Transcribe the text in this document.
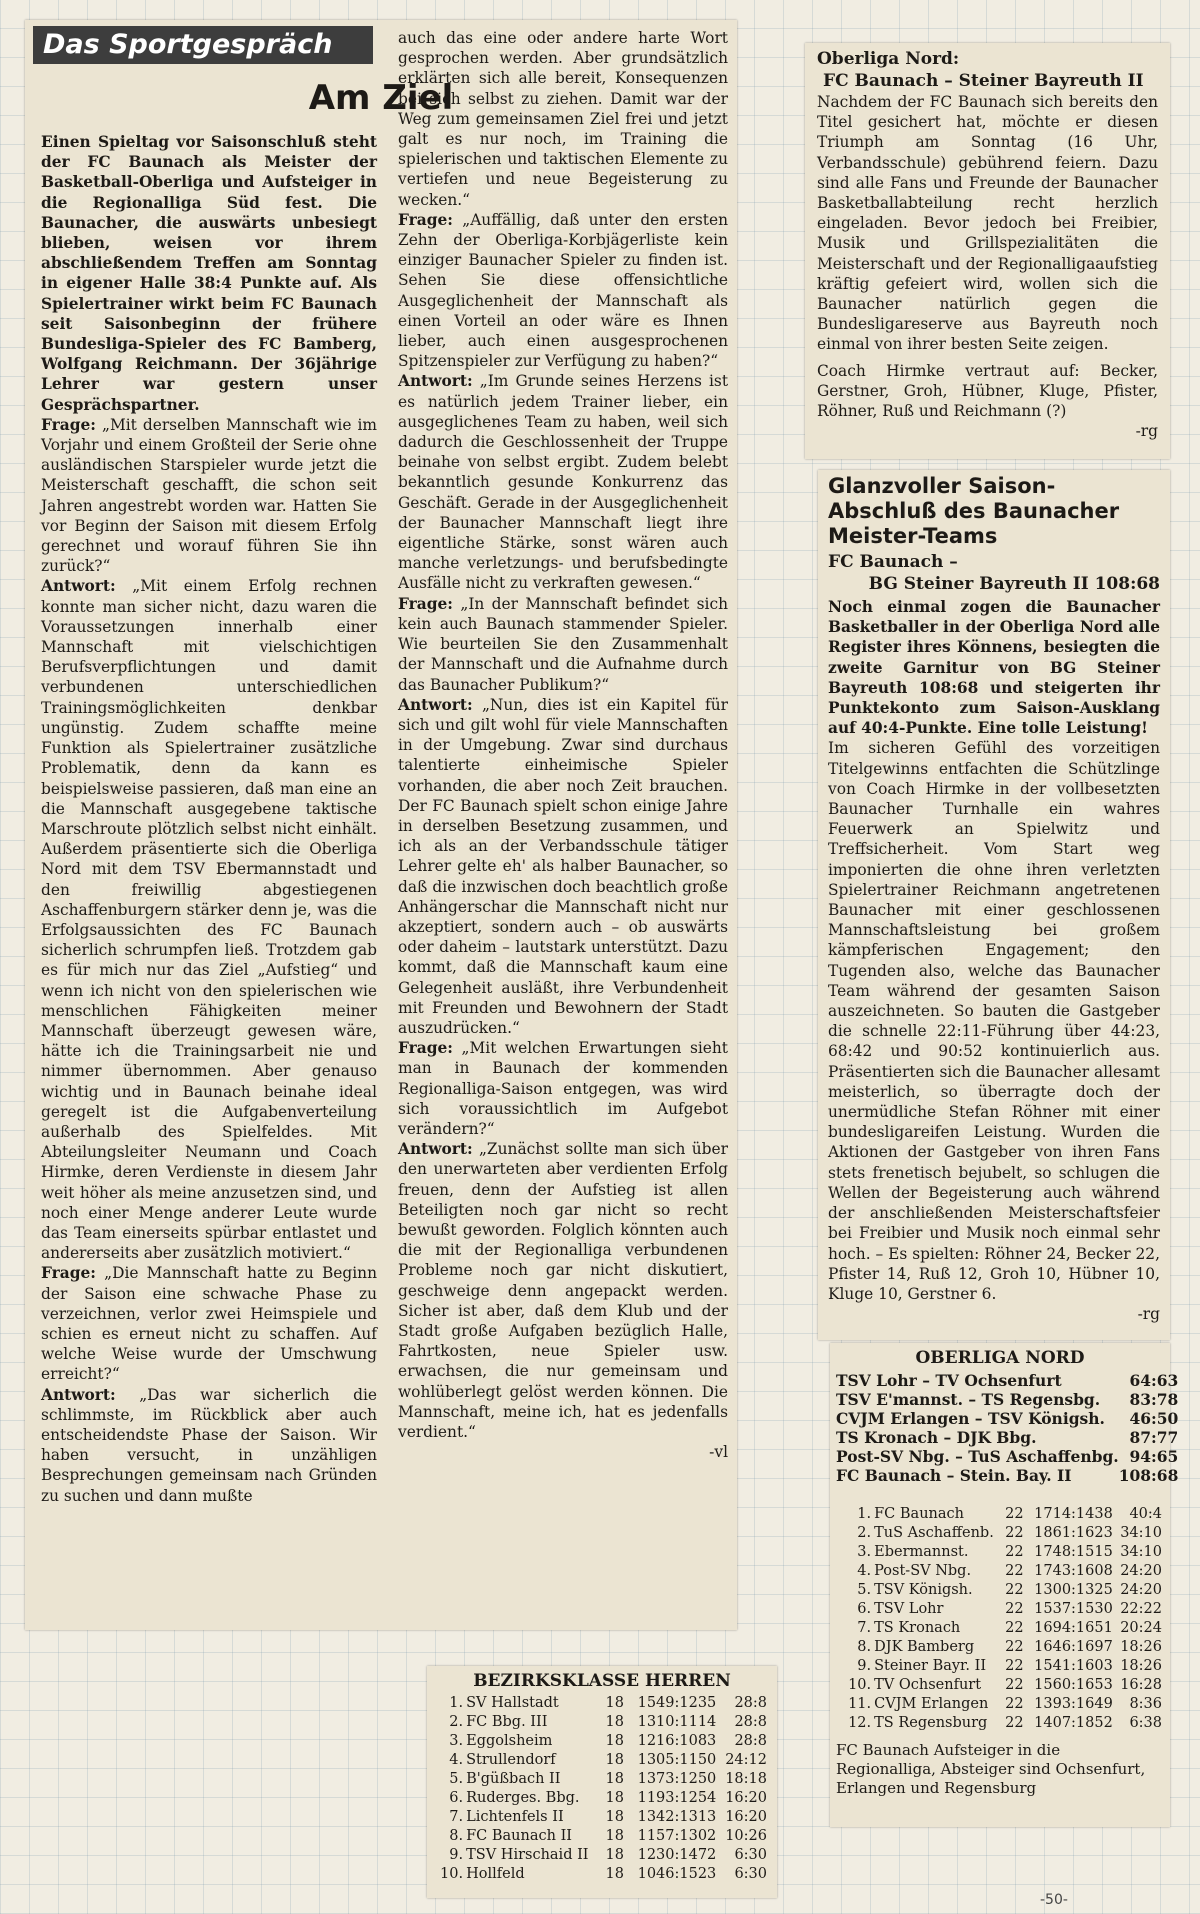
Das Sportgespräch
Am Ziel

Einen Spieltag vor Saisonschluß steht der FC Baunach als Meister der Basketball-Oberliga und Aufsteiger in die Regionalliga Süd fest. Die Baunacher, die auswärts unbesiegt blieben, weisen vor ihrem abschließendem Treffen am Sonntag in eigener Halle 38:4 Punkte auf. Als Spielertrainer wirkt beim FC Baunach seit Saisonbeginn der frühere Bundesliga-Spieler des FC Bamberg, Wolfgang Reichmann. Der 36jährige Lehrer war gestern unser Gesprächspartner.

Frage: „Mit derselben Mannschaft wie im Vorjahr und einem Großteil der Serie ohne ausländischen Starspieler wurde jetzt die Meisterschaft geschafft, die schon seit Jahren angestrebt worden war. Hatten Sie vor Beginn der Saison mit diesem Erfolg gerechnet und worauf führen Sie ihn zurück?“

Antwort: „Mit einem Erfolg rechnen konnte man sicher nicht, dazu waren die Voraussetzungen innerhalb einer Mannschaft mit vielschichtigen Berufsverpflichtungen und damit verbundenen unterschiedlichen Trainingsmöglichkeiten denkbar ungünstig. Zudem schaffte meine Funktion als Spielertrainer zusätzliche Problematik, denn da kann es beispielsweise passieren, daß man eine an die Mannschaft ausgegebene taktische Marschroute plötzlich selbst nicht einhält. Außerdem präsentierte sich die Oberliga Nord mit dem TSV Ebermannstadt und den freiwillig abgestiegenen Aschaffenburgern stärker denn je, was die Erfolgsaussichten des FC Baunach sicherlich schrumpfen ließ. Trotzdem gab es für mich nur das Ziel „Aufstieg“ und wenn ich nicht von den spielerischen wie menschlichen Fähigkeiten meiner Mannschaft überzeugt gewesen wäre, hätte ich die Trainingsarbeit nie und nimmer übernommen. Aber genauso wichtig und in Baunach beinahe ideal geregelt ist die Aufgabenverteilung außerhalb des Spielfeldes. Mit Abteilungsleiter Neumann und Coach Hirmke, deren Verdienste in diesem Jahr weit höher als meine anzusetzen sind, und noch einer Menge anderer Leute wurde das Team einerseits spürbar entlastet und andererseits aber zusätzlich motiviert.“

Frage: „Die Mannschaft hatte zu Beginn der Saison eine schwache Phase zu verzeichnen, verlor zwei Heimspiele und schien es erneut nicht zu schaffen. Auf welche Weise wurde der Umschwung erreicht?“

Antwort: „Das war sicherlich die schlimmste, im Rückblick aber auch entscheidendste Phase der Saison. Wir haben versucht, in unzähligen Besprechungen gemeinsam nach Gründen zu suchen und dann mußte

auch das eine oder andere harte Wort gesprochen werden. Aber grundsätzlich erklärten sich alle bereit, Konsequenzen bei sich selbst zu ziehen. Damit war der Weg zum gemeinsamen Ziel frei und jetzt galt es nur noch, im Training die spielerischen und taktischen Elemente zu vertiefen und neue Begeisterung zu wecken.“

Frage: „Auffällig, daß unter den ersten Zehn der Oberliga-Korbjägerliste kein einziger Baunacher Spieler zu finden ist. Sehen Sie diese offensichtliche Ausgeglichenheit der Mannschaft als einen Vorteil an oder wäre es Ihnen lieber, auch einen ausgesprochenen Spitzenspieler zur Verfügung zu haben?“

Antwort: „Im Grunde seines Herzens ist es natürlich jedem Trainer lieber, ein ausgeglichenes Team zu haben, weil sich dadurch die Geschlossenheit der Truppe beinahe von selbst ergibt. Zudem belebt bekanntlich gesunde Konkurrenz das Geschäft. Gerade in der Ausgeglichenheit der Baunacher Mannschaft liegt ihre eigentliche Stärke, sonst wären auch manche verletzungs- und berufsbedingte Ausfälle nicht zu verkraften gewesen.“

Frage: „In der Mannschaft befindet sich kein auch Baunach stammender Spieler. Wie beurteilen Sie den Zusammenhalt der Mannschaft und die Aufnahme durch das Baunacher Publikum?“

Antwort: „Nun, dies ist ein Kapitel für sich und gilt wohl für viele Mannschaften in der Umgebung. Zwar sind durchaus talentierte einheimische Spieler vorhanden, die aber noch Zeit brauchen. Der FC Baunach spielt schon einige Jahre in derselben Besetzung zusammen, und ich als an der Verbandsschule tätiger Lehrer gelte eh' als halber Baunacher, so daß die inzwischen doch beachtlich große Anhängerschar die Mannschaft nicht nur akzeptiert, sondern auch – ob auswärts oder daheim – lautstark unterstützt. Dazu kommt, daß die Mannschaft kaum eine Gelegenheit ausläßt, ihre Verbundenheit mit Freunden und Bewohnern der Stadt auszudrücken.“

Frage: „Mit welchen Erwartungen sieht man in Baunach der kommenden Regionalliga-Saison entgegen, was wird sich voraussichtlich im Aufgebot verändern?“

Antwort: „Zunächst sollte man sich über den unerwarteten aber verdienten Erfolg freuen, denn der Aufstieg ist allen Beteiligten noch gar nicht so recht bewußt geworden. Folglich könnten auch die mit der Regionalliga verbundenen Probleme noch gar nicht diskutiert, geschweige denn angepackt werden. Sicher ist aber, daß dem Klub und der Stadt große Aufgaben bezüglich Halle, Fahrtkosten, neue Spieler usw. erwachsen, die nur gemeinsam und wohlüberlegt gelöst werden können. Die Mannschaft, meine ich, hat es jedenfalls verdient.“

-vl
Oberliga Nord:
FC Baunach – Steiner Bayreuth II
Nachdem der FC Baunach sich bereits den Titel gesichert hat, möchte er diesen Triumph am Sonntag (16 Uhr, Verbandsschule) gebührend feiern. Dazu sind alle Fans und Freunde der Baunacher Basketballabteilung recht herzlich eingeladen. Bevor jedoch bei Freibier, Musik und Grillspezialitäten die Meisterschaft und der Regionalligaaufstieg kräftig gefeiert wird, wollen sich die Baunacher natürlich gegen die Bundesligareserve aus Bayreuth noch einmal von ihrer besten Seite zeigen.
Coach Hirmke vertraut auf: Becker, Gerstner, Groh, Hübner, Kluge, Pfister, Röhner, Ruß und Reichmann (?)
-rg
Glanzvoller Saison-Abschluß des Baunacher Meister-Teams
FC Baunach –
BG Steiner Bayreuth II 108:68
Noch einmal zogen die Baunacher Basketballer in der Oberliga Nord alle Register ihres Könnens, besiegten die zweite Garnitur von BG Steiner Bayreuth 108:68 und steigerten ihr Punktekonto zum Saison-Ausklang auf 40:4-Punkte. Eine tolle Leistung!
Im sicheren Gefühl des vorzeitigen Titelgewinns entfachten die Schützlinge von Coach Hirmke in der vollbesetzten Baunacher Turnhalle ein wahres Feuerwerk an Spielwitz und Treffsicherheit. Vom Start weg imponierten die ohne ihren verletzten Spielertrainer Reichmann angetretenen Baunacher mit einer geschlossenen Mannschaftsleistung bei großem kämpferischen Engagement; den Tugenden also, welche das Baunacher Team während der gesamten Saison auszeichneten. So bauten die Gastgeber die schnelle 22:11-Führung über 44:23, 68:42 und 90:52 kontinuierlich aus. Präsentierten sich die Baunacher allesamt meisterlich, so überragte doch der unermüdliche Stefan Röhner mit einer bundesligareifen Leistung. Wurden die Aktionen der Gastgeber von ihren Fans stets frenetisch bejubelt, so schlugen die Wellen der Begeisterung auch während der anschließenden Meisterschaftsfeier bei Freibier und Musik noch einmal sehr hoch. – Es spielten: Röhner 24, Becker 22, Pfister 14, Ruß 12, Groh 10, Hübner 10, Kluge 10, Gerstner 6.
-rg
OBERLIGA NORD
TSV Lohr – TV Ochsenfurt	64:63
TSV E'mannst. – TS Regensbg.	83:78
CVJM Erlangen – TSV Königsh.	46:50
TS Kronach – DJK Bbg.	87:77
Post-SV Nbg. – TuS Aschaffenbg.	94:65
FC Baunach – Stein. Bay. II	108:68
1.	FC Baunach	22	1714:1438	40:4
2.	TuS Aschaffenb.	22	1861:1623	34:10
3.	Ebermannst.	22	1748:1515	34:10
4.	Post-SV Nbg.	22	1743:1608	24:20
5.	TSV Königsh.	22	1300:1325	24:20
6.	TSV Lohr	22	1537:1530	22:22
7.	TS Kronach	22	1694:1651	20:24
8.	DJK Bamberg	22	1646:1697	18:26
9.	Steiner Bayr. II	22	1541:1603	18:26
10.	TV Ochsenfurt	22	1560:1653	16:28
11.	CVJM Erlangen	22	1393:1649	8:36
12.	TS Regensburg	22	1407:1852	6:38
FC Baunach Aufsteiger in die Regionalliga, Absteiger sind Ochsenfurt, Erlangen und Regensburg
BEZIRKSKLASSE HERREN
1.	SV Hallstadt	18	1549:1235	28:8
2.	FC Bbg. III	18	1310:1114	28:8
3.	Eggolsheim	18	1216:1083	28:8
4.	Strullendorf	18	1305:1150	24:12
5.	B'güßbach II	18	1373:1250	18:18
6.	Ruderges. Bbg.	18	1193:1254	16:20
7.	Lichtenfels II	18	1342:1313	16:20
8.	FC Baunach II	18	1157:1302	10:26
9.	TSV Hirschaid II	18	1230:1472	6:30
10.	Hollfeld	18	1046:1523	6:30
-50-
